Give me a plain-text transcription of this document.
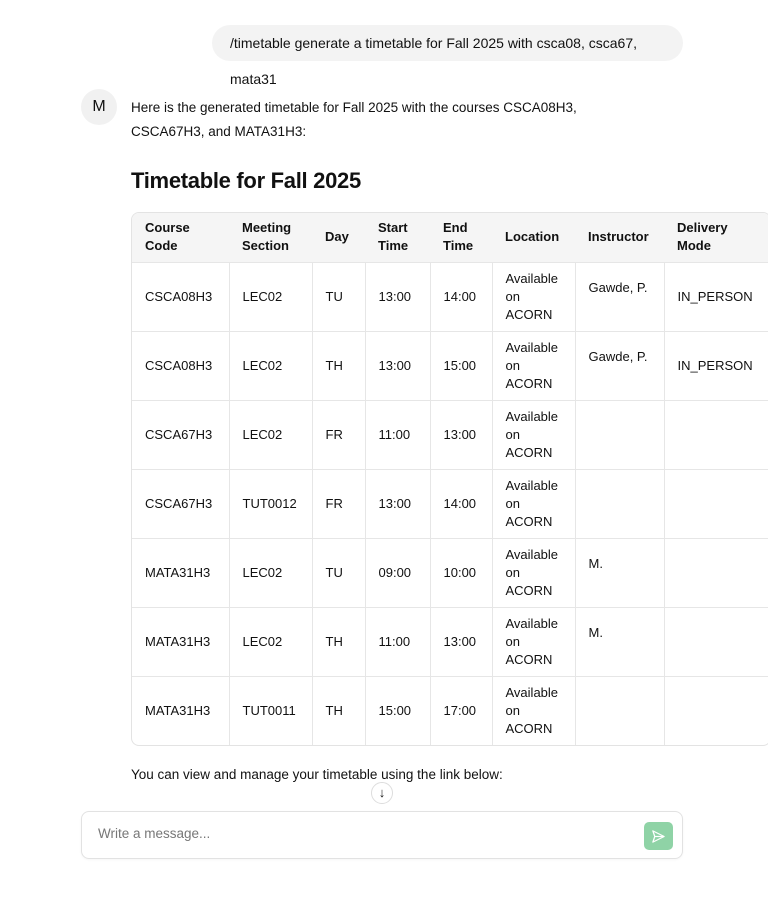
/timetable generate a timetable for Fall 2025 with csca08, csca67, mata31
M	Here is the generated timetable for Fall 2025 with the courses CSCA08H3, CSCA67H3, and MATA31H3:
Timetable for Fall 2025
Course Code	Meeting Section	Day	Start Time	End Time	Location	Instructor	Delivery Mode
CSCA08H3	LEC02	TU	13:00	14:00	Available on ACORN	Gawde, P.	IN_PERSON
CSCA08H3	LEC02	TH	13:00	15:00	Available on ACORN	Gawde, P.	IN_PERSON
CSCA67H3	LEC02	FR	11:00	13:00	Available on ACORN		
CSCA67H3	TUT0012	FR	13:00	14:00	Available on ACORN		
MATA31H3	LEC02	TU	09:00	10:00	Available on ACORN	M.	
MATA31H3	LEC02	TH	11:00	13:00	Available on ACORN	M.	
MATA31H3	TUT0011	TH	15:00	17:00	Available on ACORN		
You can view and manage your timetable using the link below:
↓
Write a message...
